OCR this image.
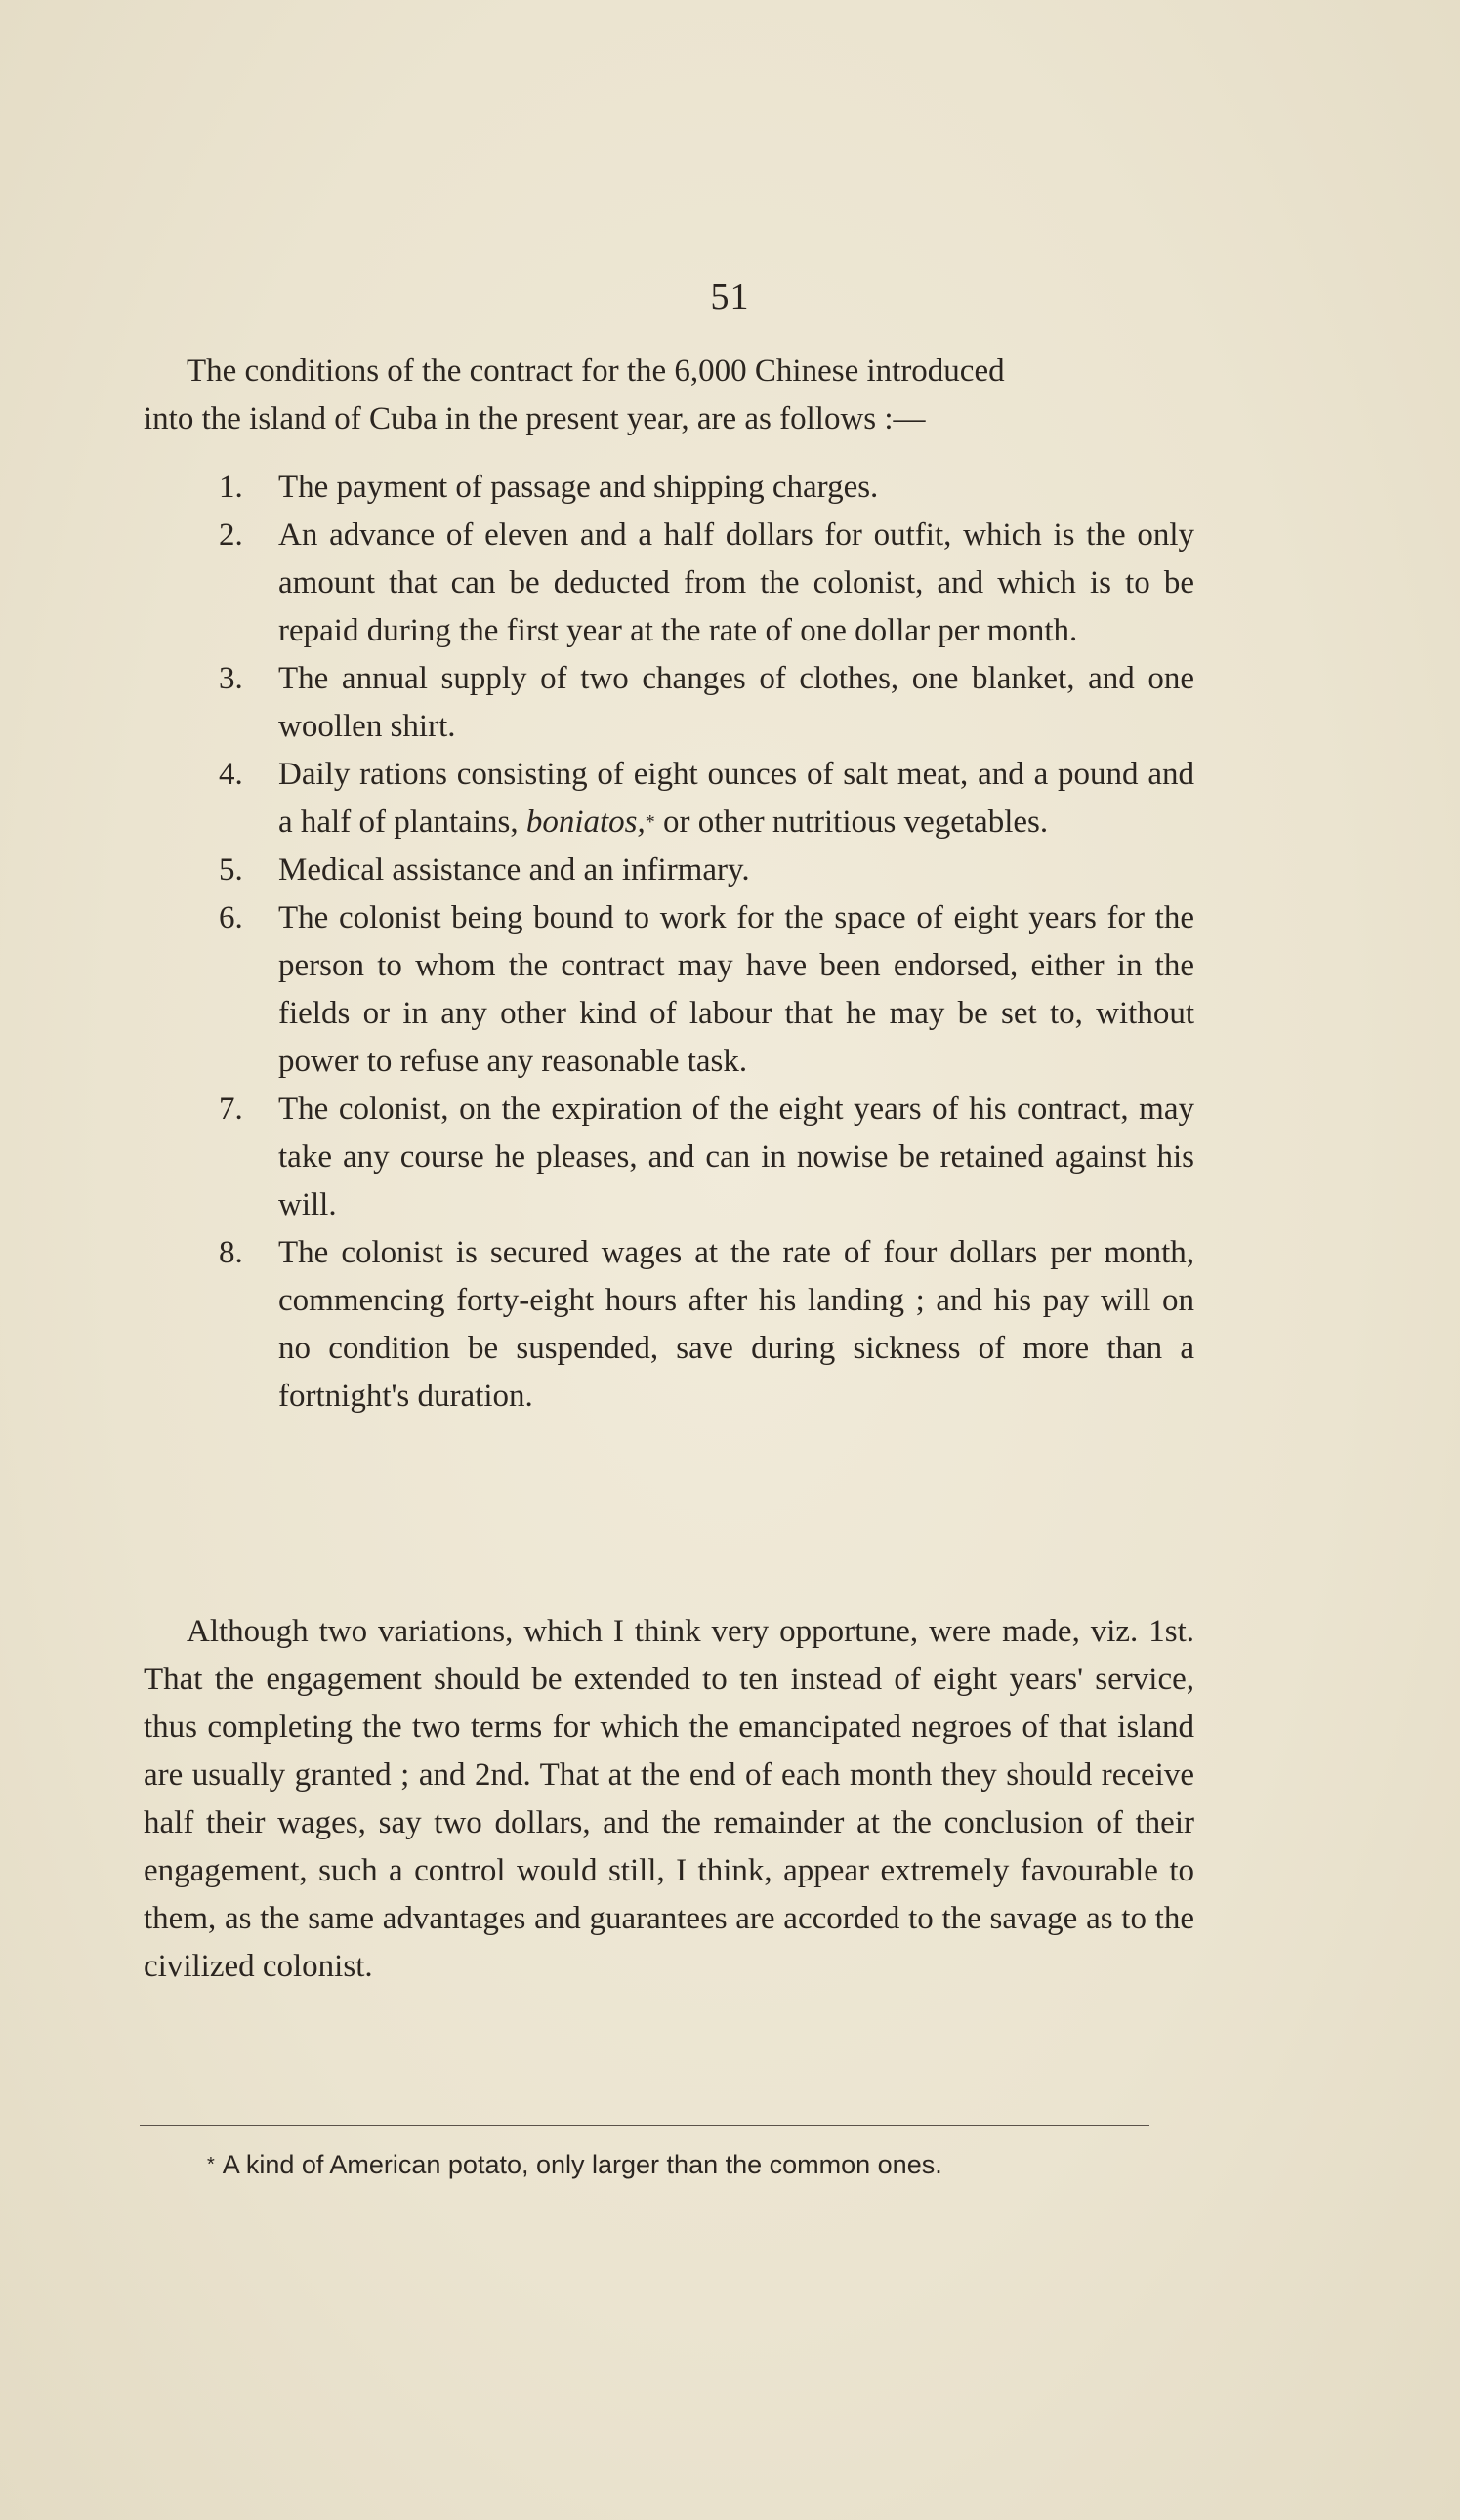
51
The conditions of the contract for the 6,000 Chinese introduced
into the island of Cuba in the present year, are as follows :—
1. The payment of passage and shipping charges.
2. An advance of eleven and a half dollars for outfit, which is the only amount that can be deducted from the colonist, and which is to be repaid during the first year at the rate of one dollar per month.
3. The annual supply of two changes of clothes, one blanket, and one woollen shirt.
4. Daily rations consisting of eight ounces of salt meat, and a pound and a half of plantains, boniatos,* or other nutritious vegetables.
5. Medical assistance and an infirmary.
6. The colonist being bound to work for the space of eight years for the person to whom the contract may have been endorsed, either in the fields or in any other kind of labour that he may be set to, without power to refuse any reasonable task.
7. The colonist, on the expiration of the eight years of his contract, may take any course he pleases, and can in nowise be retained against his will.
8. The colonist is secured wages at the rate of four dollars per month, commencing forty-eight hours after his landing ; and his pay will on no condition be suspended, save during sickness of more than a fortnight's duration.
Although two variations, which I think very opportune, were made, viz. 1st. That the engagement should be extended to ten instead of eight years' service, thus completing the two terms for which the emancipated negroes of that island are usually granted ; and 2nd. That at the end of each month they should receive half their wages, say two dollars, and the remainder at the conclusion of their engagement, such a control would still, I think, appear extremely favourable to them, as the same advantages and guarantees are accorded to the savage as to the civilized colonist.
* A kind of American potato, only larger than the common ones.
